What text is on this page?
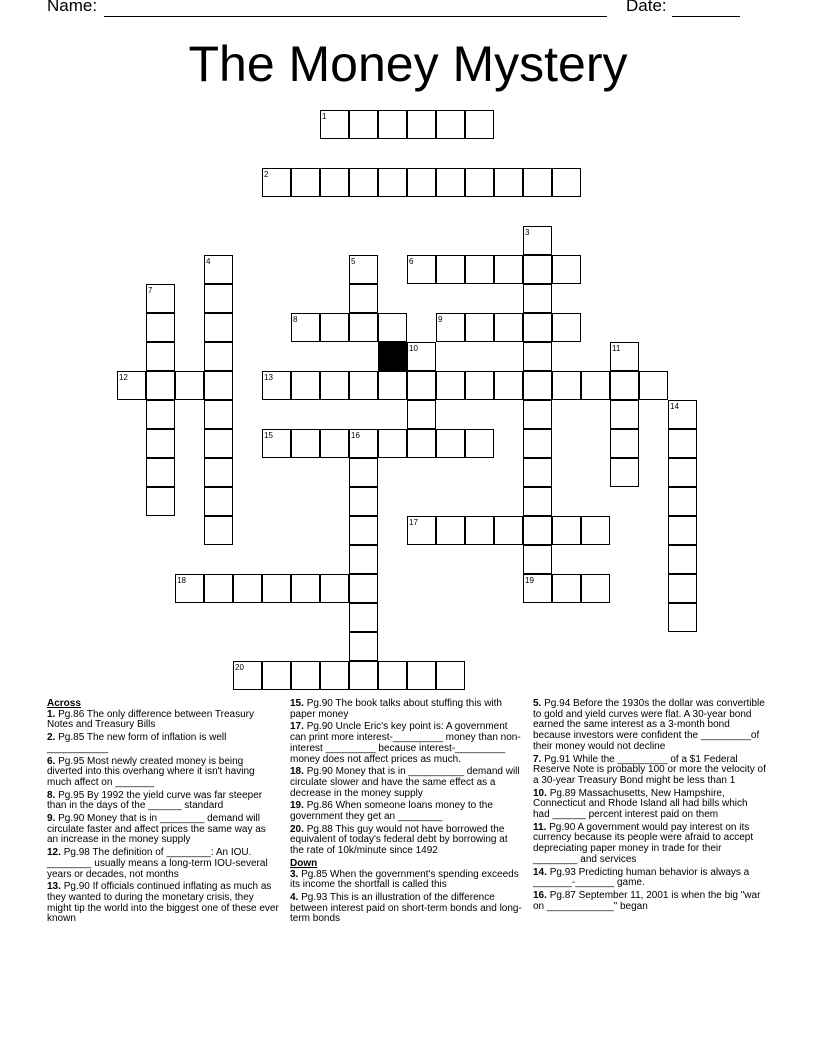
Name:	Date:
The Money Mystery
1
2
3
4	5	6
7
8	9
10	11
12	13
14
15	16
17
18	19
20
Across
1. Pg.86 The only difference between Treasury Notes and Treasury Bills
2. Pg.85 The new form of inflation is well ___________
6. Pg.95 Most newly created money is being diverted into this overhang where it isn't having much affect on _______
8. Pg.95 By 1992 the yield curve was far steeper than in the days of the ______ standard
9. Pg.90 Money that is in ________ demand will circulate faster and affect prices the same way as an increase in the money supply
12. Pg.98 The definition of ________: An IOU. ________ usually means a long-term IOU-several years or decades, not months
13. Pg.90 If officials continued inflating as much as they wanted to during the monetary crisis, they might tip the world into the biggest one of these ever known
15. Pg.90 The book talks about stuffing this with paper money
17. Pg.90 Uncle Eric's key point is: A government can print more interest-_________ money than non-interest _________ because interest-_________ money does not affect prices as much.
18. Pg.90 Money that is in __________ demand will circulate slower and have the same effect as a decrease in the money supply
19. Pg.86 When someone loans money to the government they get an ________
20. Pg.88 This guy would not have borrowed the equivalent of today's federal debt by borrowing at the rate of 10k/minute since 1492
Down
3. Pg.85 When the government's spending exceeds its income the shortfall is called this
4. Pg.93 This is an illustration of the difference between interest paid on short-term bonds and long-term bonds
5. Pg.94 Before the 1930s the dollar was convertible to gold and yield curves were flat. A 30-year bond earned the same interest as a 3-month bond because investors were confident the _________of their money would not decline
7. Pg.91 While the _________ of a $1 Federal Reserve Note is probably 100 or more the velocity of a 30-year Treasury Bond might be less than 1
10. Pg.89 Massachusetts, New Hampshire, Connecticut and Rhode Island all had bills which had ______ percent interest paid on them
11. Pg.90 A government would pay interest on its currency because its people were afraid to accept depreciating paper money in trade for their ________ and services
14. Pg.93 Predicting human behavior is always a _______-_______ game.
16. Pg.87 September 11, 2001 is when the big "war on ____________" began
